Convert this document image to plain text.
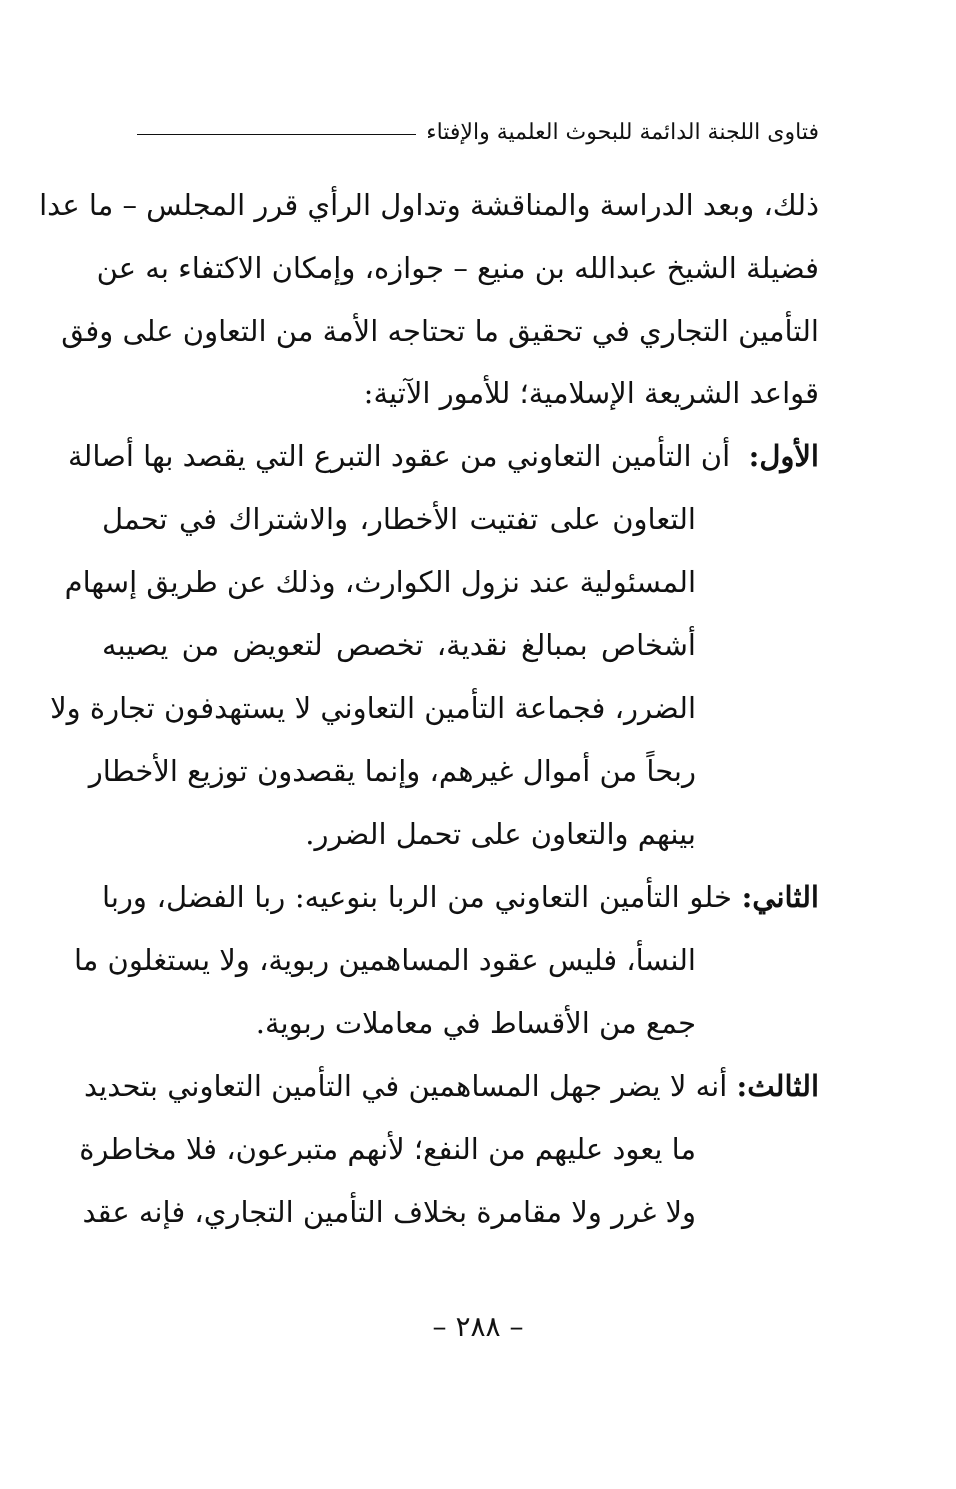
فتاوى اللجنة الدائمة للبحوث العلمية والإفتاء
ذلك، وبعد الدراسة والمناقشة وتداول الرأي قرر المجلس – ما عدا
فضيلة الشيخ عبدالله بن منيع – جوازه، وإمكان الاكتفاء به عن
التأمين التجاري في تحقيق ما تحتاجه الأمة من التعاون على وفق
قواعد الشريعة الإسلامية؛ للأمور الآتية:
الأول:  أن التأمين التعاوني من عقود التبرع التي يقصد بها أصالة
التعاون على تفتيت الأخطار، والاشتراك في تحمل
المسئولية عند نزول الكوارث، وذلك عن طريق إسهام
أشخاص بمبالغ نقدية، تخصص لتعويض من يصيبه
الضرر، فجماعة التأمين التعاوني لا يستهدفون تجارة ولا
ربحاً من أموال غيرهم، وإنما يقصدون توزيع الأخطار
بينهم والتعاون على تحمل الضرر.
الثاني: خلو التأمين التعاوني من الربا بنوعيه: ربا الفضل، وربا
النسأ، فليس عقود المساهمين ربوية، ولا يستغلون ما
جمع من الأقساط في معاملات ربوية.
الثالث: أنه لا يضر جهل المساهمين في التأمين التعاوني بتحديد
ما يعود عليهم من النفع؛ لأنهم متبرعون، فلا مخاطرة
ولا غرر ولا مقامرة بخلاف التأمين التجاري، فإنه عقد
– ٢٨٨ –
